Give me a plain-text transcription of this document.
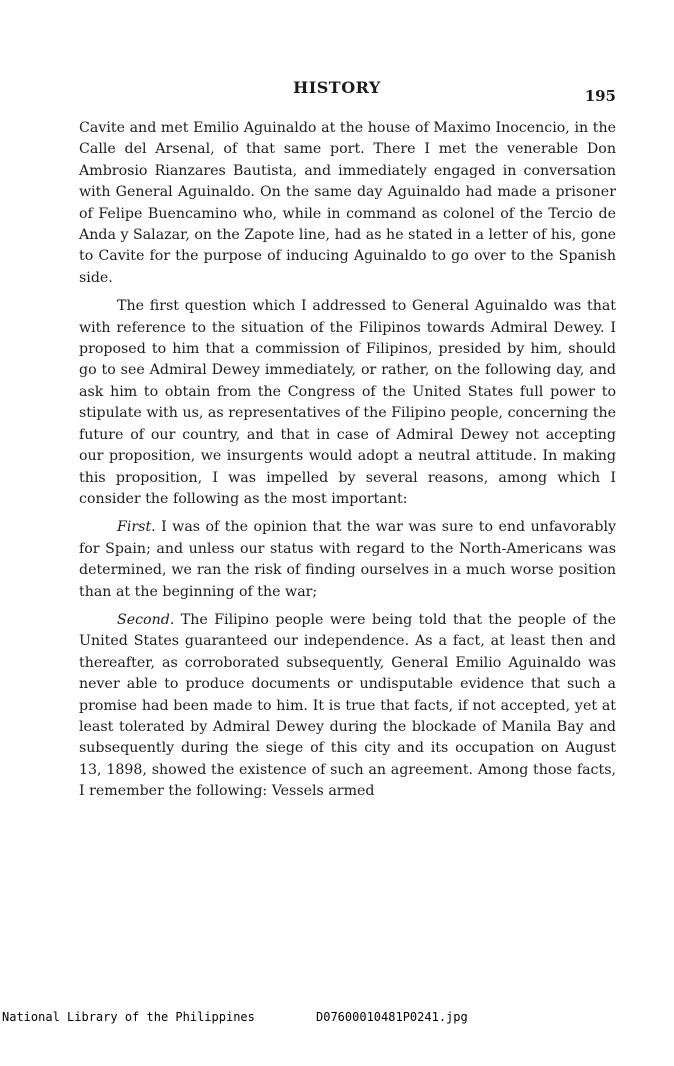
HISTORY	195

Cavite and met Emilio Aguinaldo at the house of Maximo Inocencio, in the Calle del Arsenal, of that same port. There I met the venerable Don Ambrosio Rianzares Bautista, and immediately engaged in conversation with General Aguinaldo. On the same day Aguinaldo had made a prisoner of Felipe Buencamino who, while in command as colonel of the Tercio de Anda y Salazar, on the Zapote line, had as he stated in a letter of his, gone to Cavite for the purpose of inducing Aguinaldo to go over to the Spanish side.

The first question which I addressed to General Aguinaldo was that with reference to the situation of the Filipinos towards Admiral Dewey. I proposed to him that a commission of Filipinos, presided by him, should go to see Admiral Dewey immediately, or rather, on the following day, and ask him to obtain from the Congress of the United States full power to stipulate with us, as representatives of the Filipino people, concerning the future of our country, and that in case of Admiral Dewey not accepting our proposition, we insurgents would adopt a neutral attitude. In making this proposition, I was impelled by several reasons, among which I consider the following as the most important:

First. I was of the opinion that the war was sure to end unfavorably for Spain; and unless our status with regard to the North-Americans was determined, we ran the risk of finding ourselves in a much worse position than at the beginning of the war;

Second. The Filipino people were being told that the people of the United States guaranteed our independence. As a fact, at least then and thereafter, as corroborated subsequently, General Emilio Aguinaldo was never able to produce documents or undisputable evidence that such a promise had been made to him. It is true that facts, if not accepted, yet at least tolerated by Admiral Dewey during the blockade of Manila Bay and subsequently during the siege of this city and its occupation on August 13, 1898, showed the existence of such an agreement. Among those facts, I remember the following: Vessels armed

National Library of the Philippines

	D07600010481P0241.jpg
